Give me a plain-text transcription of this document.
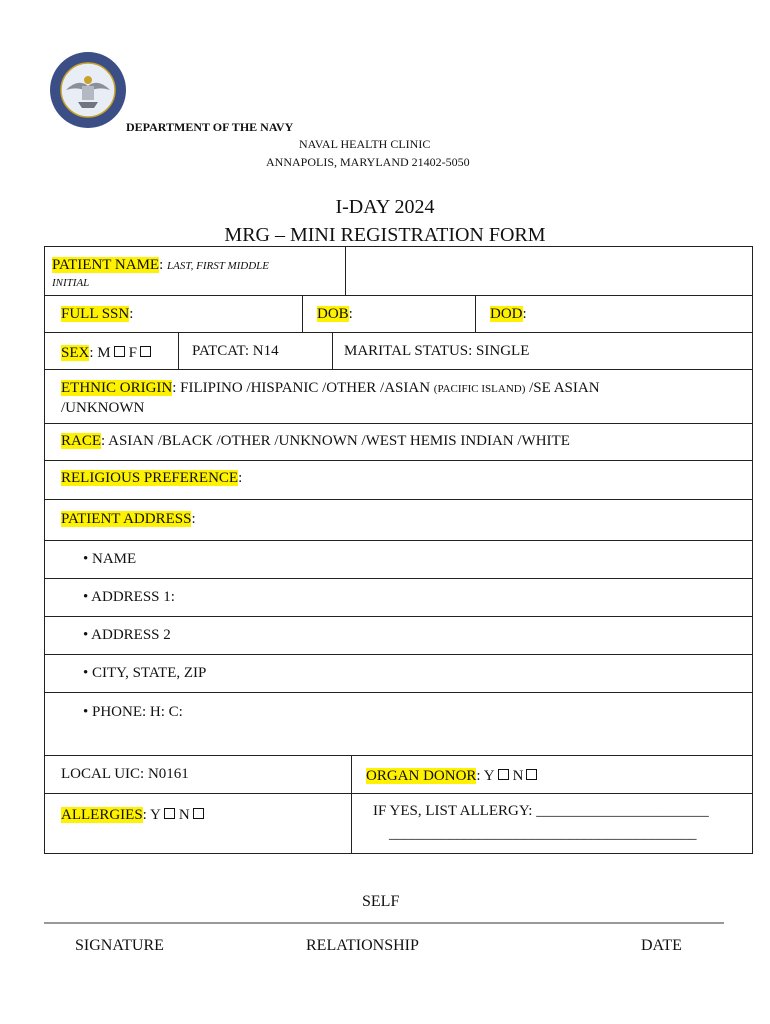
DEPARTMENT OF THE NAVY
NAVAL HEALTH CLINIC
ANNAPOLIS, MARYLAND 21402-5050
I-DAY 2024
MRG – MINI REGISTRATION FORM
PATIENT NAME: LAST, FIRST MIDDLE
INITIAL
FULL SSN:	DOB:	DOD:
SEX: M F	PATCAT: N14	MARITAL STATUS: SINGLE
ETHNIC ORIGIN: FILIPINO /HISPANIC /OTHER /ASIAN (PACIFIC ISLAND) /SE ASIAN
/UNKNOWN
RACE: ASIAN /BLACK /OTHER /UNKNOWN /WEST HEMIS INDIAN /WHITE
RELIGIOUS PREFERENCE:
PATIENT ADDRESS:
• NAME
• ADDRESS 1:
• ADDRESS 2
• CITY, STATE, ZIP
• PHONE: H: C:
LOCAL UIC: N0161	ORGAN DONOR: Y N
ALLERGIES: Y N	IF YES, LIST ALLERGY: _______________________
_________________________________________
SELF
SIGNATURE	RELATIONSHIP	DATE
